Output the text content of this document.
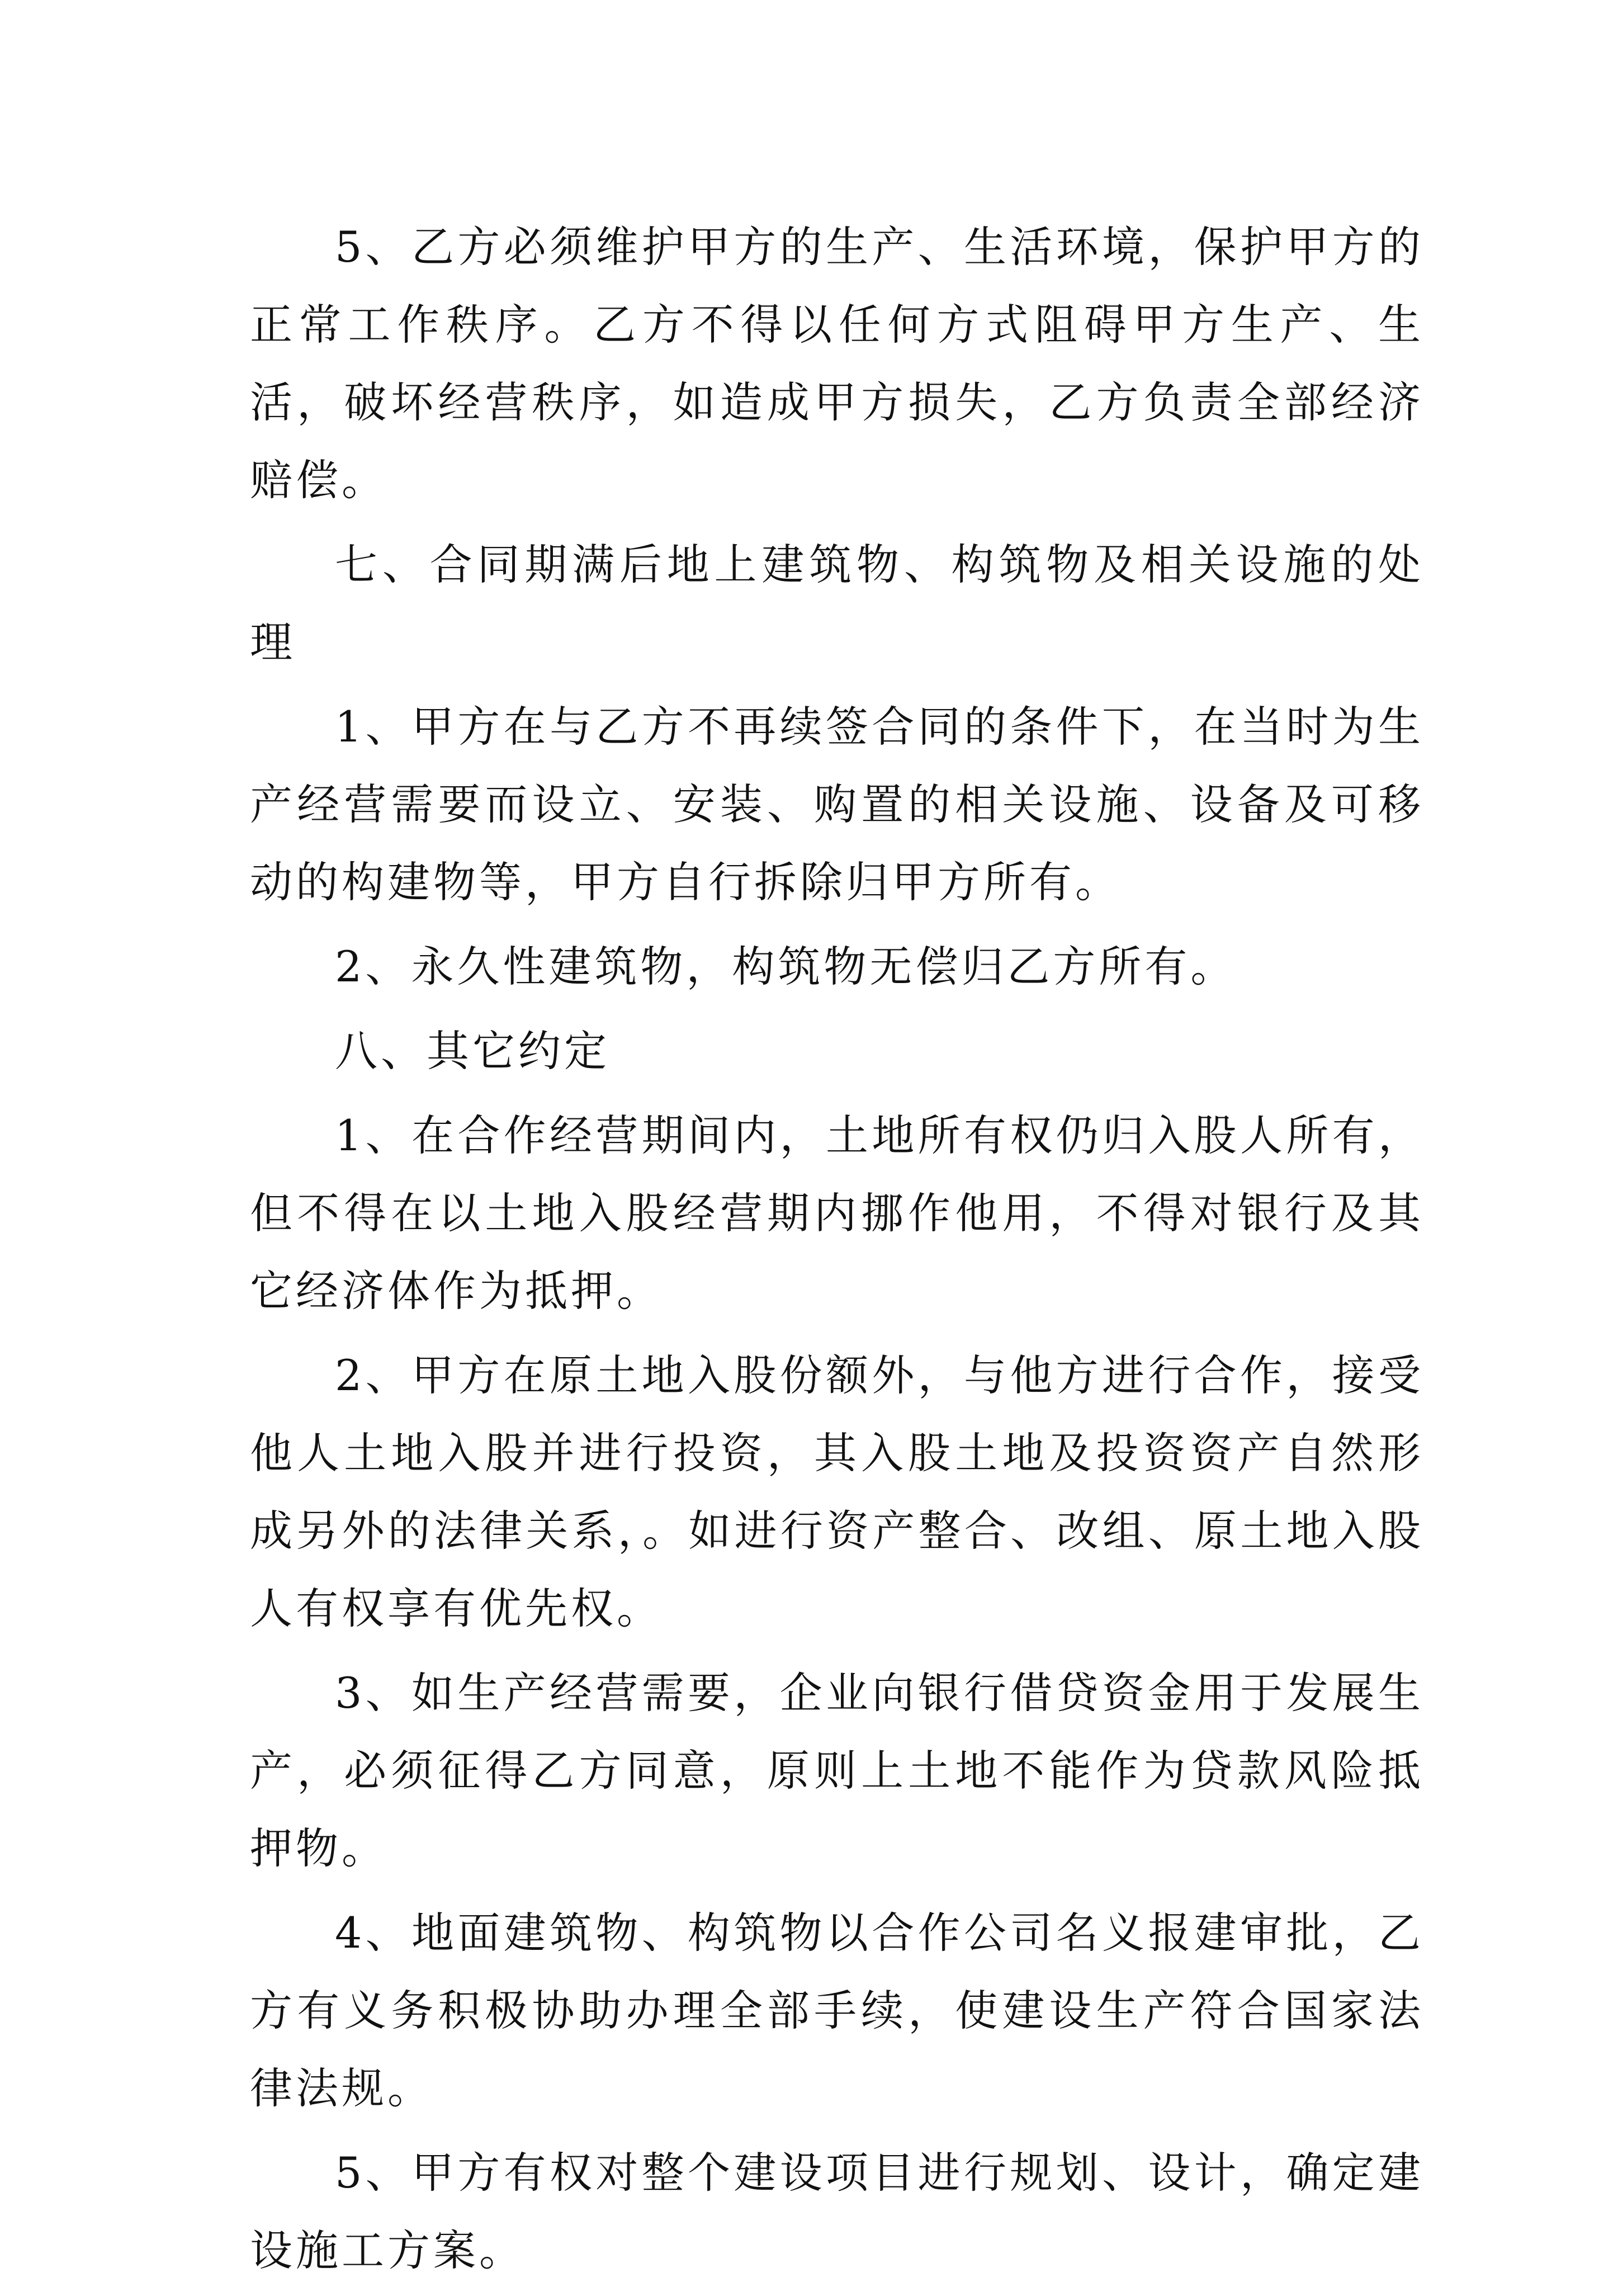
5、乙方必须维护甲方的生产、生活环境，保护甲方的正常工作秩序。乙方不得以任何方式阻碍甲方生产、生活，破坏经营秩序，如造成甲方损失，乙方负责全部经济赔偿。

七、合同期满后地上建筑物、构筑物及相关设施的处理

1、甲方在与乙方不再续签合同的条件下，在当时为生产经营需要而设立、安装、购置的相关设施、设备及可移动的构建物等，甲方自行拆除归甲方所有。

2、永久性建筑物，构筑物无偿归乙方所有。

八、其它约定

1、在合作经营期间内，土地所有权仍归入股人所有，但不得在以土地入股经营期内挪作他用，不得对银行及其它经济体作为抵押。

2、甲方在原土地入股份额外，与他方进行合作，接受他人土地入股并进行投资，其入股土地及投资资产自然形成另外的法律关系，。如进行资产整合、改组、原土地入股人有权享有优先权。

3、如生产经营需要，企业向银行借贷资金用于发展生产，必须征得乙方同意，原则上土地不能作为贷款风险抵押物。

4、地面建筑物、构筑物以合作公司名义报建审批，乙方有义务积极协助办理全部手续，使建设生产符合国家法律法规。

5、甲方有权对整个建设项目进行规划、设计，确定建设施工方案。
